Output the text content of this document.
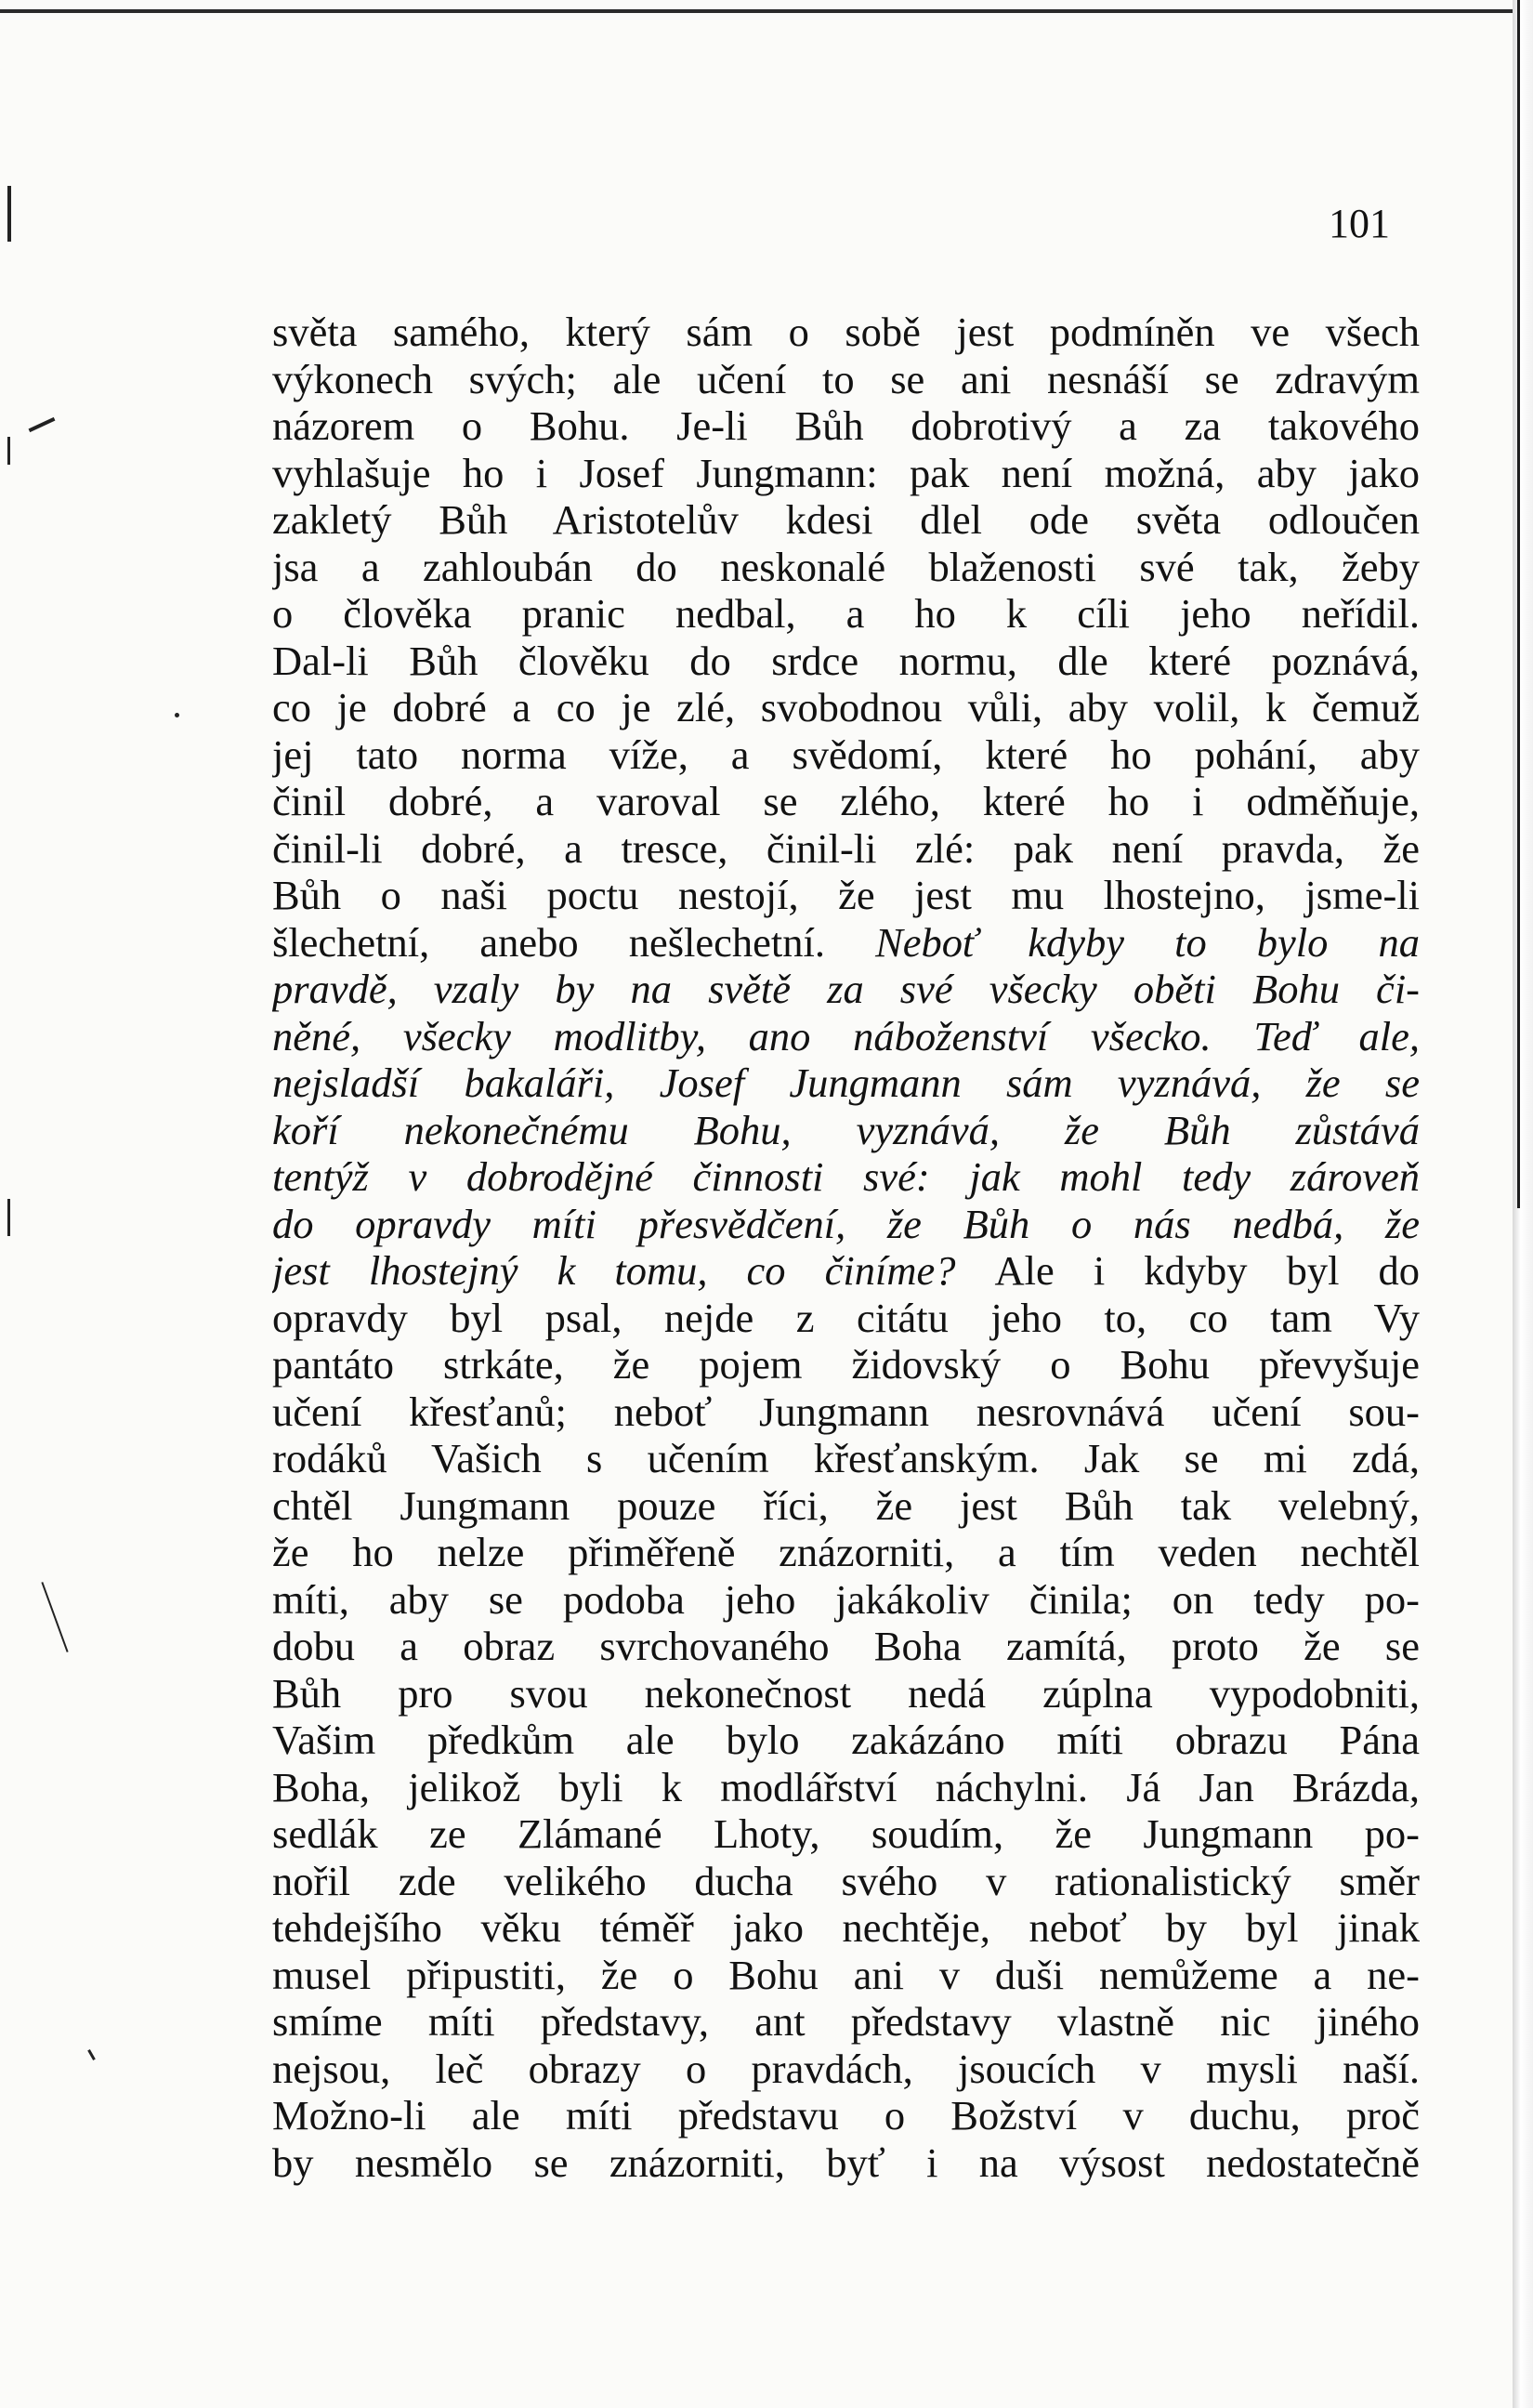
101
světa samého, který sám o sobě jest podmíněn ve všech
výkonech svých; ale učení to se ani nesnáší se zdravým
názorem o Bohu. Je-li Bůh dobrotivý a za takového
vyhlašuje ho i Josef Jungmann: pak není možná, aby jako
zakletý Bůh Aristotelův kdesi dlel ode světa odloučen
jsa a zahloubán do neskonalé blaženosti své tak, žeby
o člověka pranic nedbal, a ho k cíli jeho neřídil.
Dal-li Bůh člověku do srdce normu, dle které poznává,
co je dobré a co je zlé, svobodnou vůli, aby volil, k čemuž
jej tato norma víže, a svědomí, které ho pohání, aby
činil dobré, a varoval se zlého, které ho i odměňuje,
činil-li dobré, a tresce, činil-li zlé: pak není pravda, že
Bůh o naši poctu nestojí, že jest mu lhostejno, jsme-li
šlechetní, anebo nešlechetní. Neboť kdyby to bylo na
pravdě, vzaly by na světě za své všecky oběti Bohu či-
něné, všecky modlitby, ano náboženství všecko. Teď ale,
nejsladší bakaláři, Josef Jungmann sám vyznává, že se
koří nekonečnému Bohu, vyznává, že Bůh zůstává
tentýž v dobrodějné činnosti své: jak mohl tedy zároveň
do opravdy míti přesvědčení, že Bůh o nás nedbá, že
jest lhostejný k tomu, co činíme? Ale i kdyby byl do
opravdy byl psal, nejde z citátu jeho to, co tam Vy
pantáto strkáte, že pojem židovský o Bohu převyšuje
učení křesťanů; neboť Jungmann nesrovnává učení sou-
rodáků Vašich s učením křesťanským. Jak se mi zdá,
chtěl Jungmann pouze říci, že jest Bůh tak velebný,
že ho nelze přiměřeně znázorniti, a tím veden nechtěl
míti, aby se podoba jeho jakákoliv činila; on tedy po-
dobu a obraz svrchovaného Boha zamítá, proto že se
Bůh pro svou nekonečnost nedá zúplna vypodobniti,
Vašim předkům ale bylo zakázáno míti obrazu Pána
Boha, jelikož byli k modlářství náchylni. Já Jan Brázda,
sedlák ze Zlámané Lhoty, soudím, že Jungmann po-
nořil zde velikého ducha svého v rationalistický směr
tehdejšího věku téměř jako nechtěje, neboť by byl jinak
musel připustiti, že o Bohu ani v duši nemůžeme a ne-
smíme míti představy, ant představy vlastně nic jiného
nejsou, leč obrazy o pravdách, jsoucích v mysli naší.
Možno-li ale míti představu o Božství v duchu, proč
by nesmělo se znázorniti, byť i na výsost nedostatečně
